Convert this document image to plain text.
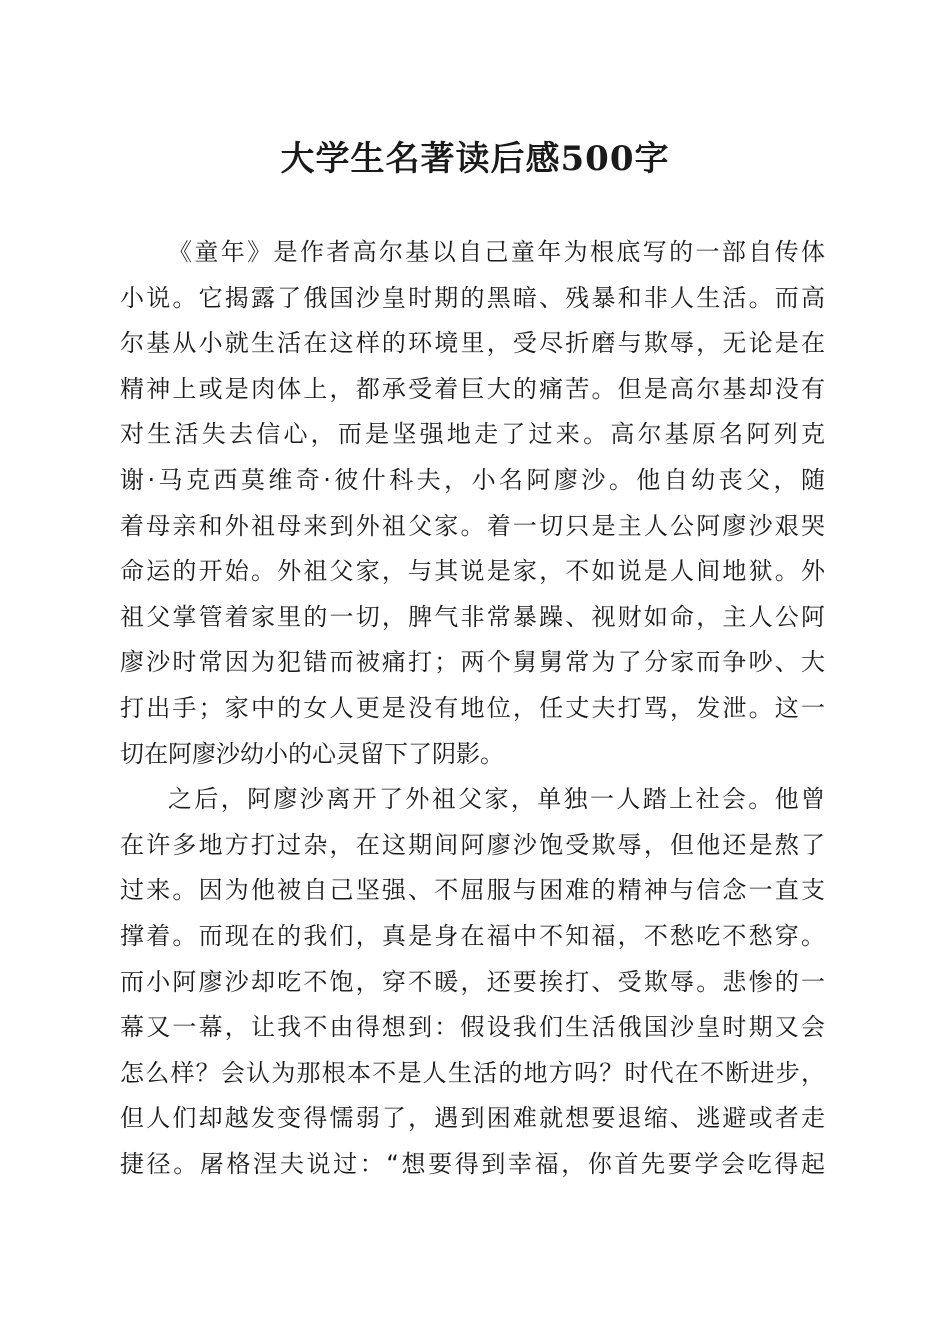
大学生名著读后感500字
《童年》是作者高尔基以自己童年为根底写的一部自传体
小说。它揭露了俄国沙皇时期的黑暗、残暴和非人生活。而高
尔基从小就生活在这样的环境里，受尽折磨与欺辱，无论是在
精神上或是肉体上，都承受着巨大的痛苦。但是高尔基却没有
对生活失去信心，而是坚强地走了过来。高尔基原名阿列克
谢·马克西莫维奇·彼什科夫，小名阿廖沙。他自幼丧父，随
着母亲和外祖母来到外祖父家。着一切只是主人公阿廖沙艰哭
命运的开始。外祖父家，与其说是家，不如说是人间地狱。外
祖父掌管着家里的一切，脾气非常暴躁、视财如命，主人公阿
廖沙时常因为犯错而被痛打；两个舅舅常为了分家而争吵、大
打出手；家中的女人更是没有地位，任丈夫打骂，发泄。这一
切在阿廖沙幼小的心灵留下了阴影。
之后，阿廖沙离开了外祖父家，单独一人踏上社会。他曾
在许多地方打过杂，在这期间阿廖沙饱受欺辱，但他还是熬了
过来。因为他被自己坚强、不屈服与困难的精神与信念一直支
撑着。而现在的我们，真是身在福中不知福，不愁吃不愁穿。
而小阿廖沙却吃不饱，穿不暖，还要挨打、受欺辱。悲惨的一
幕又一幕，让我不由得想到：假设我们生活俄国沙皇时期又会
怎么样？会认为那根本不是人生活的地方吗？时代在不断进步，
但人们却越发变得懦弱了，遇到困难就想要退缩、逃避或者走
捷径。屠格涅夫说过：“想要得到幸福，你首先要学会吃得起
